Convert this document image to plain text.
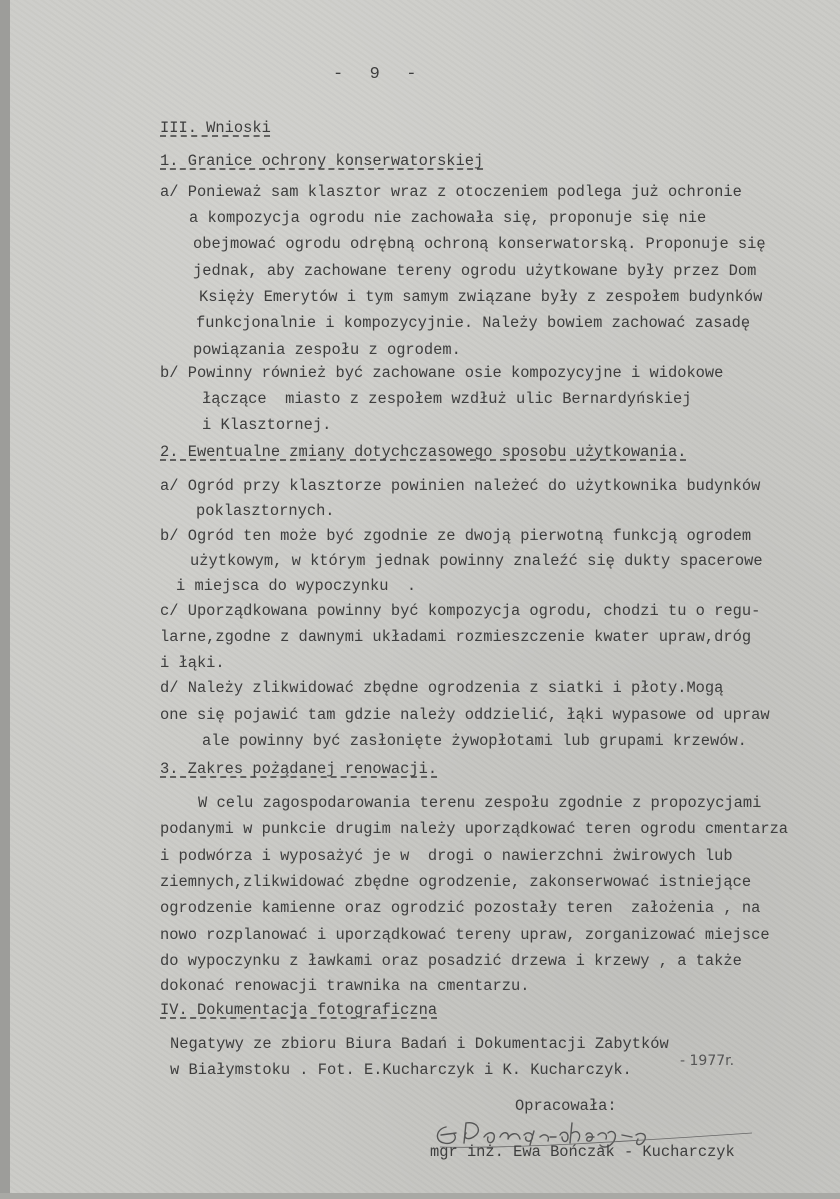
-  9  -
III. Wnioski
1. Granice ochrony konserwatorskiej
a/ Ponieważ sam klasztor wraz z otoczeniem podlega już ochronie
a kompozycja ogrodu nie zachowała się, proponuje się nie
obejmować ogrodu odrębną ochroną konserwatorską. Proponuje się
jednak, aby zachowane tereny ogrodu użytkowane były przez Dom
Księży Emerytów i tym samym związane były z zespołem budynków
funkcjonalnie i kompozycyjnie. Należy bowiem zachować zasadę
powiązania zespołu z ogrodem.
b/ Powinny również być zachowane osie kompozycyjne i widokowe
łączące  miasto z zespołem wzdłuż ulic Bernardyńskiej
i Klasztornej.
2. Ewentualne zmiany dotychczasowego sposobu użytkowania.
a/ Ogród przy klasztorze powinien należeć do użytkownika budynków
poklasztornych.
b/ Ogród ten może być zgodnie ze dwoją pierwotną funkcją ogrodem
użytkowym, w którym jednak powinny znaleźć się dukty spacerowe
i miejsca do wypoczynku  .
c/ Uporządkowana powinny być kompozycja ogrodu, chodzi tu o regu-
larne,zgodne z dawnymi układami rozmieszczenie kwater upraw,dróg
i łąki.
d/ Należy zlikwidować zbędne ogrodzenia z siatki i płoty.Mogą
one się pojawić tam gdzie należy oddzielić, łąki wypasowe od upraw
ale powinny być zasłonięte żywopłotami lub grupami krzewów.
3. Zakres pożądanej renowacji.
W celu zagospodarowania terenu zespołu zgodnie z propozycjami
podanymi w punkcie drugim należy uporządkować teren ogrodu cmentarza
i podwórza i wyposażyć je w  drogi o nawierzchni żwirowych lub
ziemnych,zlikwidować zbędne ogrodzenie, zakonserwować istniejące
ogrodzenie kamienne oraz ogrodzić pozostały teren  założenia , na
nowo rozplanować i uporządkować tereny upraw, zorganizować miejsce
do wypoczynku z ławkami oraz posadzić drzewa i krzewy , a także
dokonać renowacji trawnika na cmentarzu.
IV. Dokumentacja fotograficzna
Negatywy ze zbioru Biura Badań i Dokumentacji Zabytków
w Białymstoku . Fot. E.Kucharczyk i K. Kucharczyk.	- 1977r.
Opracowała:
mgr inż. Ewa Bończak - Kucharczyk
